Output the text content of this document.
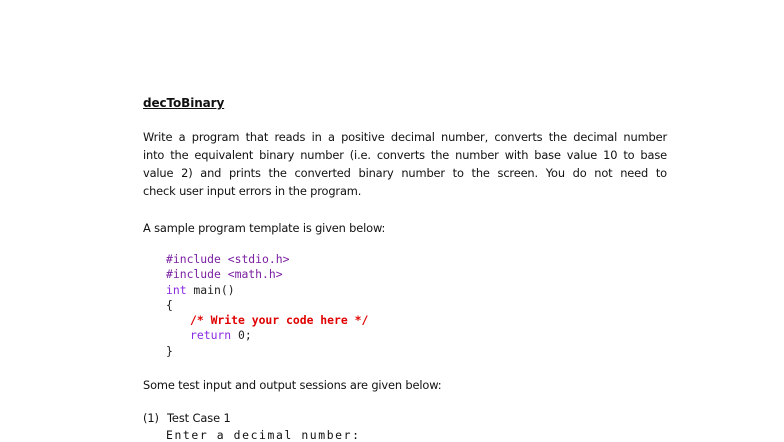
decToBinary

Write a program that reads in a positive decimal number, converts the decimal number
into the equivalent binary number (i.e. converts the number with base value 10 to base
value 2) and prints the converted binary number to the screen. You do not need to
check user input errors in the program.

A sample program template is given below:
#include <stdio.h>
#include <math.h>
int main()
{
/* Write your code here */
return 0;
}
Some test input and output sessions are given below:
(1) Test Case 1
Enter a decimal number:
